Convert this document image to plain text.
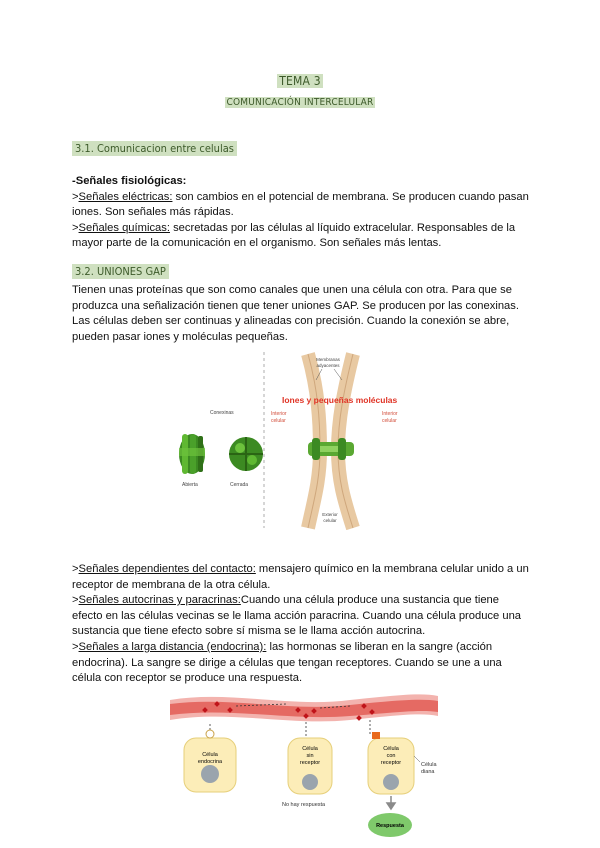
TEMA 3
COMUNICACIÓN INTERCELULAR
3.1. Comunicacion entre celulas
-Señales fisiológicas:
>Señales eléctricas: son cambios en el potencial de membrana. Se producen cuando pasan iones. Son señales más rápidas.
>Señales químicas: secretadas por las células al líquido extracelular. Responsables de la mayor parte de la comunicación en el organismo. Son señales más lentas.
3.2. UNIONES GAP
Tienen unas proteínas que son como canales que unen una célula con otra. Para que se produzca una señalización tienen que tener uniones GAP. Se producen por las conexinas. Las células deben ser continuas y alineadas con precisión. Cuando la conexión se abre, pueden pasar iones y moléculas pequeñas.
Conexinas
Abierta	Cerrada
Membranas
adyacentes
Iones y pequeñas moléculas
Interior
celular
Interior
celular
Exterior
celular
>Señales dependientes del contacto: mensajero químico en la membrana celular unido a un receptor de membrana de la otra célula.
>Señales autocrinas y paracrinas:Cuando una célula produce una sustancia que tiene efecto en las células vecinas se le llama acción paracrina. Cuando una célula produce una sustancia que tiene efecto sobre sí misma se le llama acción autocrina.
>Señales a larga distancia (endocrina): las hormonas se liberan en la sangre (acción endocrina). La sangre se dirige a células que tengan receptores. Cuando se une a una célula con receptor se produce una respuesta.
Célula
endocrina
Célula
sin
receptor
No hay respuesta
Célula
con
receptor	Célula
diana
Respuesta
